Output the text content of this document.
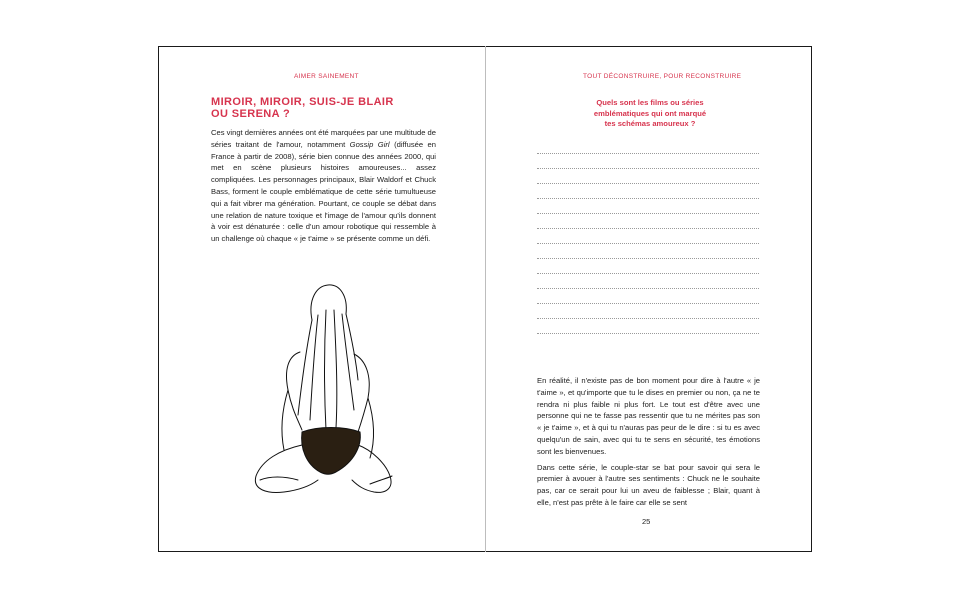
AIMER SAINEMENT
MIROIR, MIROIR, SUIS-JE BLAIR
OU SERENA ?
Ces vingt dernières années ont été marquées par une multitude de séries traitant de l'amour, notamment Gossip Girl (diffusée en France à partir de 2008), série bien connue des années 2000, qui met en scène plusieurs histoires amoureuses... assez compliquées. Les personnages principaux, Blair Waldorf et Chuck Bass, forment le couple emblématique de cette série tumultueuse qui a fait vibrer ma génération. Pourtant, ce couple se débat dans une relation de nature toxique et l'image de l'amour qu'ils donnent à voir est dénaturée : celle d'un amour robotique qui ressemble à un challenge où chaque « je t'aime » se présente comme un défi.
TOUT DÉCONSTRUIRE, POUR RECONSTRUIRE
Quels sont les films ou séries
emblématiques qui ont marqué
tes schémas amoureux ?

En réalité, il n'existe pas de bon moment pour dire à l'autre « je t'aime », et qu'importe que tu le dises en premier ou non, ça ne te rendra ni plus faible ni plus fort. Le tout est d'être avec une personne qui ne te fasse pas ressentir que tu ne mérites pas son « je t'aime », et à qui tu n'auras pas peur de le dire : si tu es avec quelqu'un de sain, avec qui tu te sens en sécurité, tes émotions sont les bienvenues.

Dans cette série, le couple-star se bat pour savoir qui sera le premier à avouer à l'autre ses sentiments : Chuck ne le souhaite pas, car ce serait pour lui un aveu de faiblesse ; Blair, quant à elle, n'est pas prête à le faire car elle se sent

25
